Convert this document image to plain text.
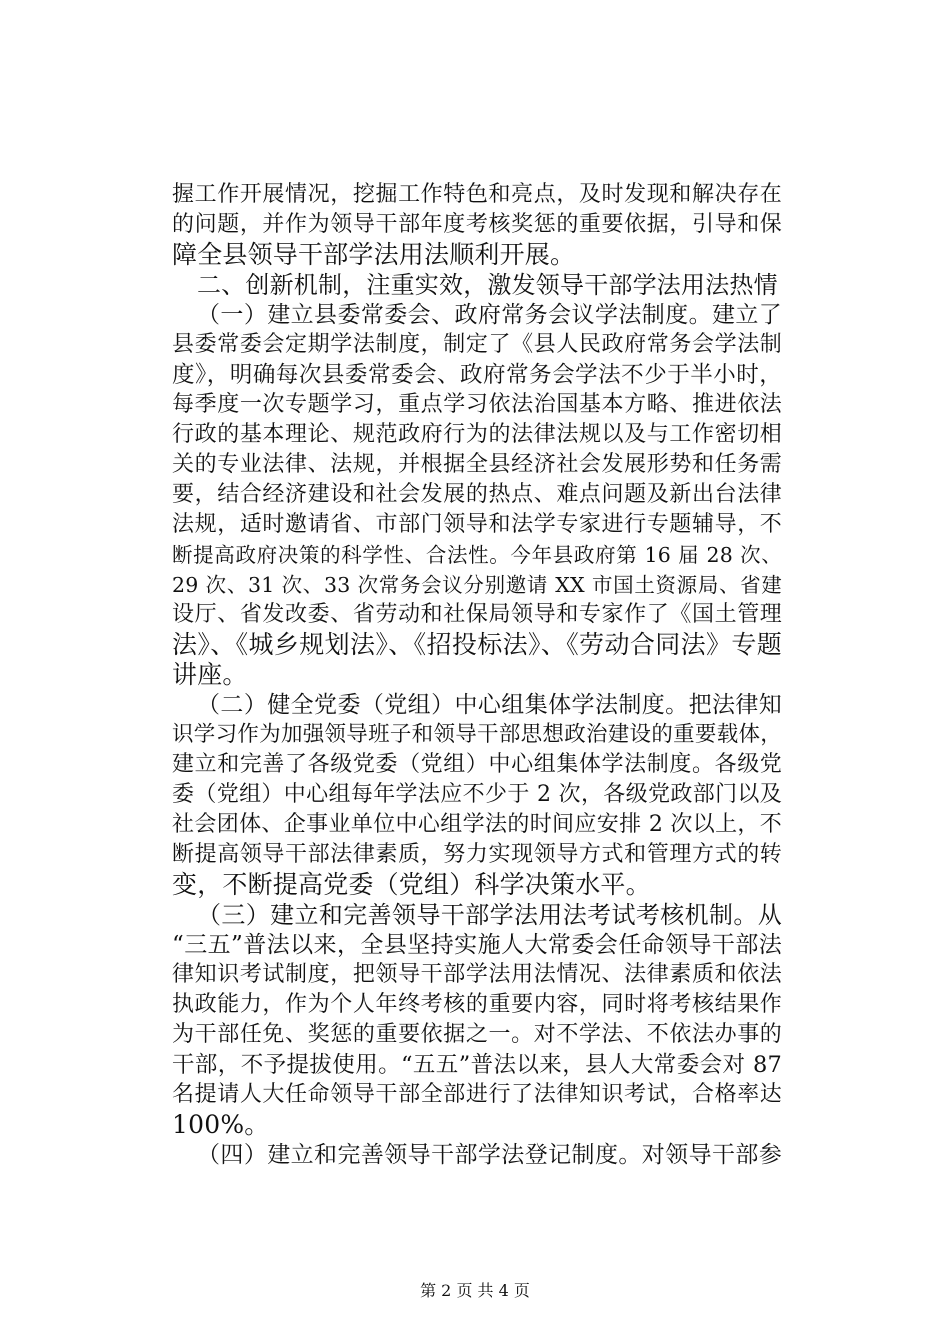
握工作开展情况，挖掘工作特色和亮点，及时发现和解决存在
的问题，并作为领导干部年度考核奖惩的重要依据，引导和保
障全县领导干部学法用法顺利开展。
二、创新机制，注重实效，激发领导干部学法用法热情
（一）建立县委常委会、政府常务会议学法制度。建立了
县委常委会定期学法制度，制定了《县人民政府常务会学法制
度》，明确每次县委常委会、政府常务会学法不少于半小时，
每季度一次专题学习，重点学习依法治国基本方略、推进依法
行政的基本理论、规范政府行为的法律法规以及与工作密切相
关的专业法律、法规，并根据全县经济社会发展形势和任务需
要，结合经济建设和社会发展的热点、难点问题及新出台法律
法规，适时邀请省、市部门领导和法学专家进行专题辅导，不
断提高政府决策的科学性、合法性。今年县政府第 16 届 28 次、
29 次、31 次、33 次常务会议分别邀请 XX 市国土资源局、省建
设厅、省发改委、省劳动和社保局领导和专家作了《国土管理
法》、《城乡规划法》、《招投标法》、《劳动合同法》专题
讲座。
（二）健全党委（党组）中心组集体学法制度。把法律知
识学习作为加强领导班子和领导干部思想政治建设的重要载体，
建立和完善了各级党委（党组）中心组集体学法制度。各级党
委（党组）中心组每年学法应不少于 2 次，各级党政部门以及
社会团体、企事业单位中心组学法的时间应安排 2 次以上，不
断提高领导干部法律素质，努力实现领导方式和管理方式的转
变，不断提高党委（党组）科学决策水平。
（三）建立和完善领导干部学法用法考试考核机制。从
“三五”普法以来，全县坚持实施人大常委会任命领导干部法
律知识考试制度，把领导干部学法用法情况、法律素质和依法
执政能力，作为个人年终考核的重要内容，同时将考核结果作
为干部任免、奖惩的重要依据之一。对不学法、不依法办事的
干部，不予提拔使用。“五五”普法以来，县人大常委会对 87
名提请人大任命领导干部全部进行了法律知识考试，合格率达
100%。
（四）建立和完善领导干部学法登记制度。对领导干部参
第 2 页 共 4 页
